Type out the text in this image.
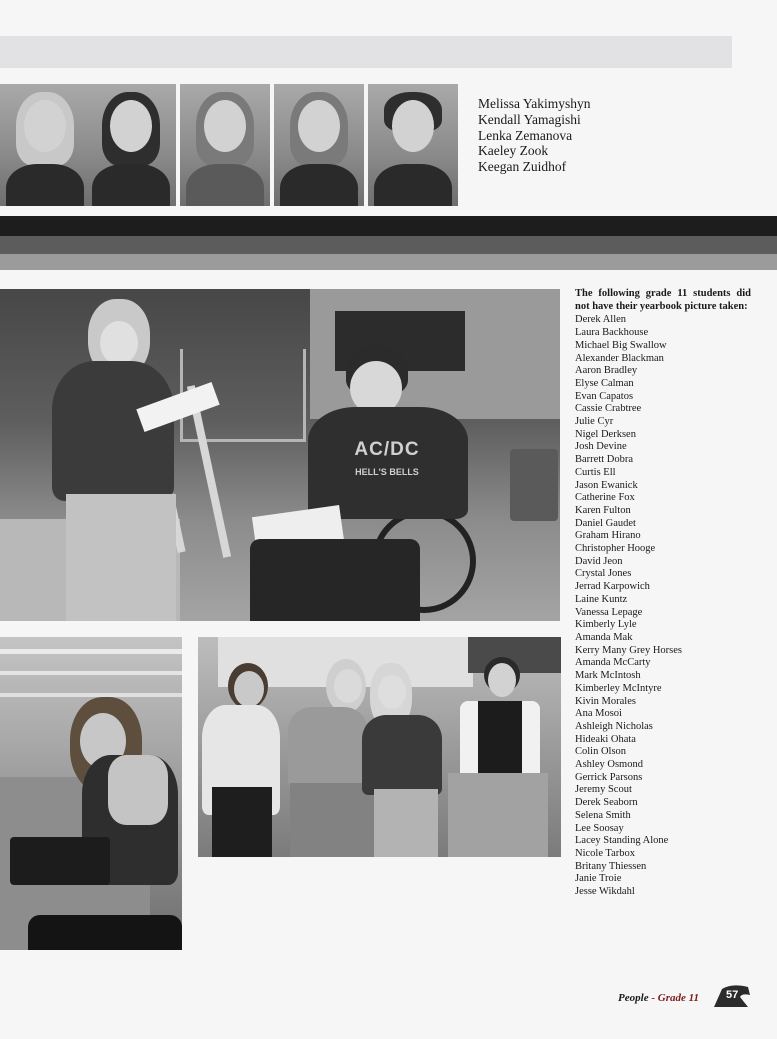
Melissa Yakimyshyn
Kendall Yamagishi
Lenka Zemanova
Kaeley Zook
Keegan Zuidhof
AC/DC
HELL'S BELLS
The following grade 11 students did not have their yearbook picture taken:
Derek Allen
Laura Backhouse
Michael Big Swallow
Alexander Blackman
Aaron Bradley
Elyse Calman
Evan Capatos
Cassie Crabtree
Julie Cyr
Nigel Derksen
Josh Devine
Barrett Dobra
Curtis Ell
Jason Ewanick
Catherine Fox
Karen Fulton
Daniel Gaudet
Graham Hirano
Christopher Hooge
David Jeon
Crystal Jones
Jerrad Karpowich
Laine Kuntz
Vanessa Lepage
Kimberly Lyle
Amanda Mak
Kerry Many Grey Horses
Amanda McCarty
Mark McIntosh
Kimberley McIntyre
Kivin Morales
Ana Mosoi
Ashleigh Nicholas
Hideaki Ohata
Colin Olson
Ashley Osmond
Gerrick Parsons
Jeremy Scout
Derek Seaborn
Selena Smith
Lee Soosay
Lacey Standing Alone
Nicole Tarbox
Britany Thiessen
Janie Troie
Jesse Wikdahl
People - Grade 11 57
